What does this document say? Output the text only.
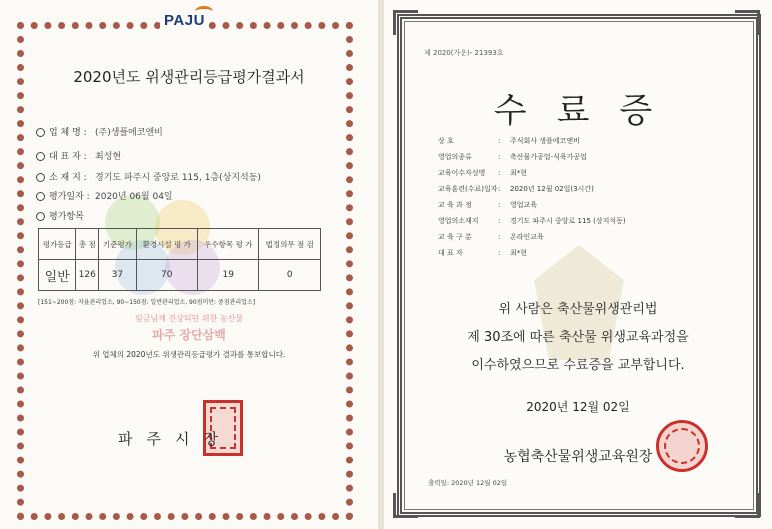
PAJU
2020년도 위생관리등급평가결과서
업 체 명 : (주)생플에코앤비
대 표 자 : 최성현
소 재 지 : 경기도 파주시 중앙로 115, 1층(상지석동)
평가일자 : 2020년 06월 04일
평가항목
평가등급	총 점	기준평가	환경시설 평 가	우수항목 평 가	법정의무 점 검
일반	126	37	70	19	0
[151~200점: 자율관리업소, 90~150점: 일반관리업소, 90점미만: 중점관리업소]
임금님께 진상되던 위한 농산물
파주 장단삼백
위 업체의 2020년도 위생관리등급평가 결과를 통보합니다.
파주시장
제 2020(가운)- 21393호
수료증
상 호	: 주식회사 생플에코앤비
영업의종류	: 축산물가공업-식육가공업
교육이수자성명 : 최*현
교육훈련(수료)일자: 2020년 12월 02일(3시간)
교 육 과 정	: 영업교육
영업의소재지	: 경기도 파주시 중앙로 115 (상지석동)
교 육 구 분	: 온라인교육
대 표 자	: 최*현
위 사람은 축산물위생관리법
제 30조에 따른 축산물 위생교육과정을
이수하였으므로 수료증을 교부합니다.
2020년 12월 02일
농협축산물위생교육원장
출력일: 2020년 12월 02일
